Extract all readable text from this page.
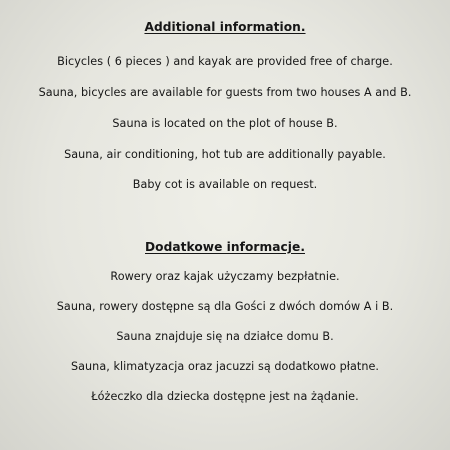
Additional information.
Bicycles ( 6 pieces ) and kayak are provided free of charge.
Sauna, bicycles are available for guests from two houses A and B.
Sauna is located on the plot of house B.
Sauna, air conditioning, hot tub are additionally payable.
Baby cot is available on request.
Dodatkowe informacje.
Rowery oraz kajak użyczamy bezpłatnie.
Sauna, rowery dostępne są dla Gości z dwóch domów A i B.
Sauna znajduje się na działce domu B.
Sauna, klimatyzacja oraz jacuzzi są dodatkowo płatne.
Łóżeczko dla dziecka dostępne jest na żądanie.
